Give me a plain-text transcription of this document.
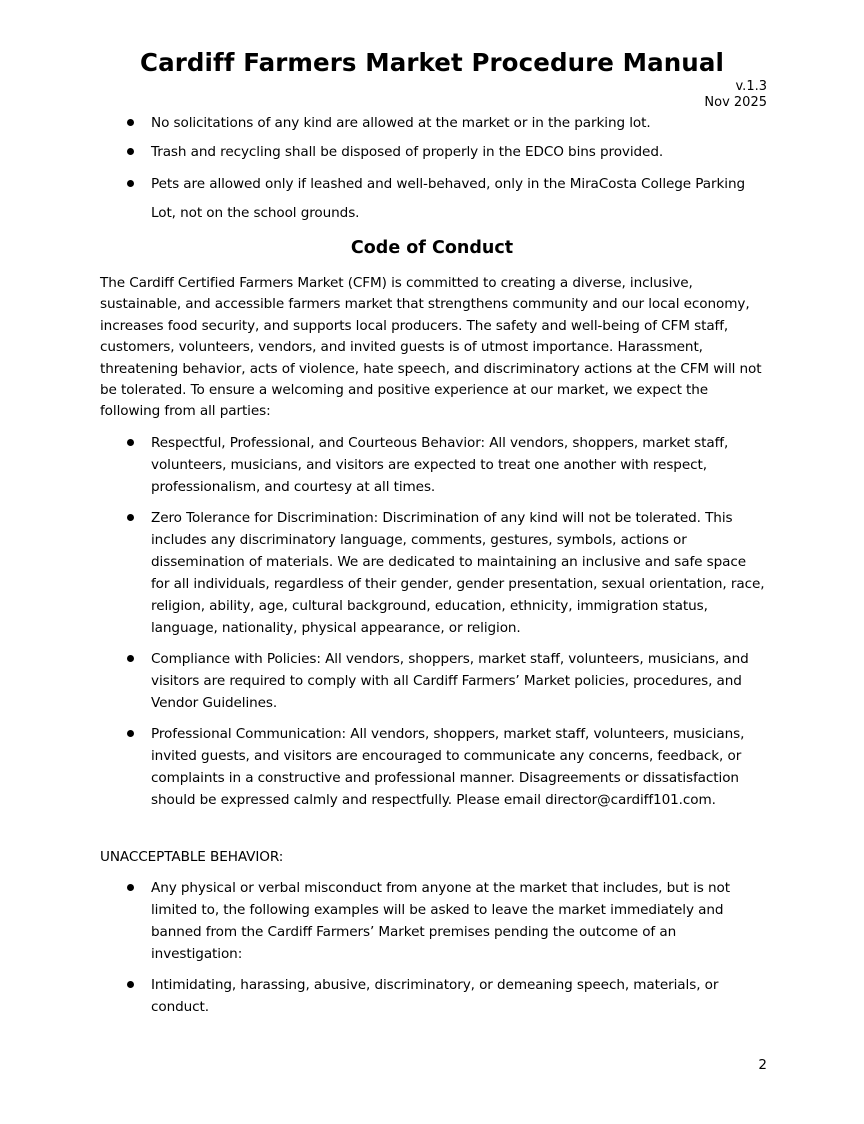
Cardiff Farmers Market Procedure Manual
v.1.3
Nov 2025
No solicitations of any kind are allowed at the market or in the parking lot.
Trash and recycling shall be disposed of properly in the EDCO bins provided.
Pets are allowed only if leashed and well-behaved, only in the MiraCosta College Parking Lot, not on the school grounds.
Code of Conduct

The Cardiff Certified Farmers Market (CFM) is committed to creating a diverse, inclusive, sustainable, and accessible farmers market that strengthens community and our local economy, increases food security, and supports local producers. The safety and well-being of CFM staff, customers, volunteers, vendors, and invited guests is of utmost importance. Harassment, threatening behavior, acts of violence, hate speech, and discriminatory actions at the CFM will not be tolerated. To ensure a welcoming and positive experience at our market, we expect the following from all parties:

Respectful, Professional, and Courteous Behavior: All vendors, shoppers, market staff, volunteers, musicians, and visitors are expected to treat one another with respect, professionalism, and courtesy at all times.
Zero Tolerance for Discrimination: Discrimination of any kind will not be tolerated. This includes any discriminatory language, comments, gestures, symbols, actions or dissemination of materials. We are dedicated to maintaining an inclusive and safe space for all individuals, regardless of their gender, gender presentation, sexual orientation, race, religion, ability, age, cultural background, education, ethnicity, immigration status, language, nationality, physical appearance, or religion.
Compliance with Policies: All vendors, shoppers, market staff, volunteers, musicians, and visitors are required to comply with all Cardiff Farmers’ Market policies, procedures, and Vendor Guidelines.
Professional Communication: All vendors, shoppers, market staff, volunteers, musicians, invited guests, and visitors are encouraged to communicate any concerns, feedback, or complaints in a constructive and professional manner. Disagreements or dissatisfaction should be expressed calmly and respectfully. Please email director@cardiff101.com.

UNACCEPTABLE BEHAVIOR:

Any physical or verbal misconduct from anyone at the market that includes, but is not limited to, the following examples will be asked to leave the market immediately and banned from the Cardiff Farmers’ Market premises pending the outcome of an investigation:
Intimidating, harassing, abusive, discriminatory, or demeaning speech, materials, or conduct.
2
